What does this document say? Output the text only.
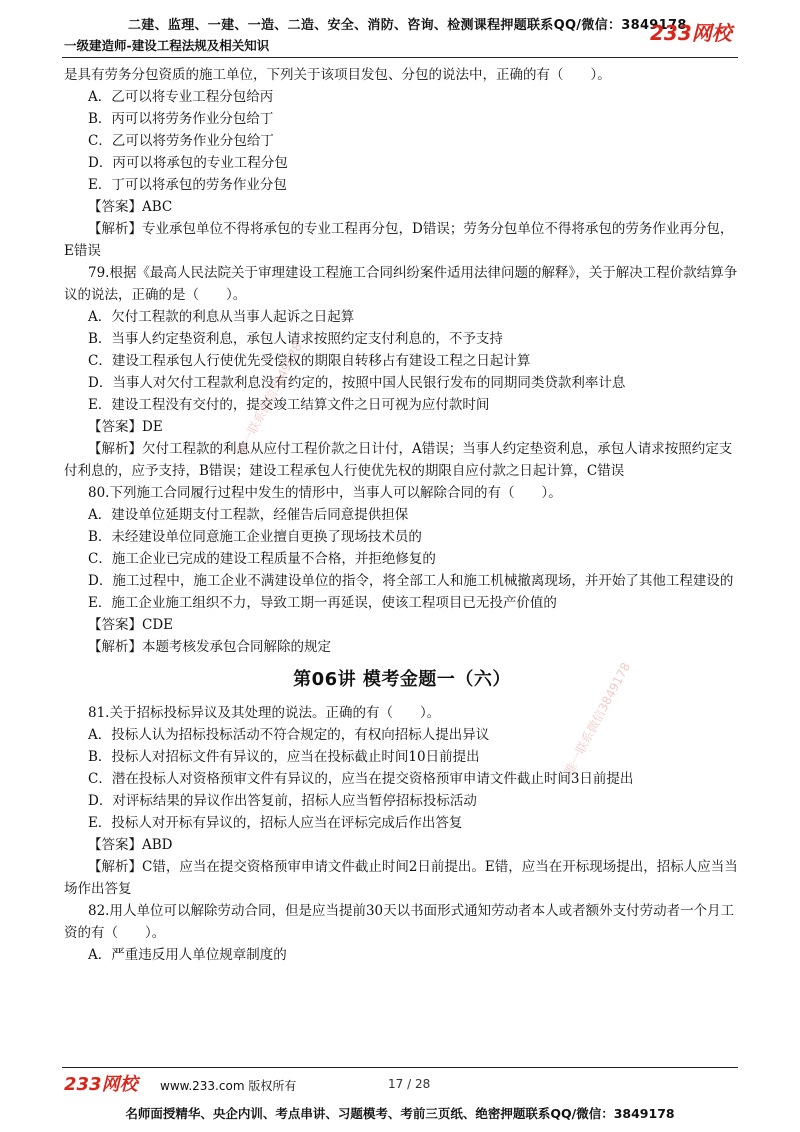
二建、监理、一建、一造、二造、安全、消防、咨询、检测课程押题联系QQ/微信：3849178
一级建造师-建设工程法规及相关知识
233网校
是具有劳务分包资质的施工单位，下列关于该项目发包、分包的说法中，正确的有（　　）。
A．乙可以将专业工程分包给丙
B．丙可以将劳务作业分包给丁
C．乙可以将劳务作业分包给丁
D．丙可以将承包的专业工程分包
E．丁可以将承包的劳务作业分包
【答案】ABC
【解析】专业承包单位不得将承包的专业工程再分包，D错误；劳务分包单位不得将承包的劳务作业再分包，E错误
79.根据《最高人民法院关于审理建设工程施工合同纠纷案件适用法律问题的解释》，关于解决工程价款结算争议的说法，正确的是（　　）。
A．欠付工程款的利息从当事人起诉之日起算
B．当事人约定垫资利息，承包人请求按照约定支付利息的，不予支持
C．建设工程承包人行使优先受偿权的期限自转移占有建设工程之日起计算
D．当事人对欠付工程款利息没有约定的，按照中国人民银行发布的同期同类贷款利率计息
E．建设工程没有交付的，提交竣工结算文件之日可视为应付款时间
【答案】DE
【解析】欠付工程款的利息从应付工程价款之日计付，A错误；当事人约定垫资利息，承包人请求按照约定支付利息的，应予支持，B错误；建设工程承包人行使优先权的期限自应付款之日起计算，C错误
80.下列施工合同履行过程中发生的情形中，当事人可以解除合同的有（　　）。
A．建设单位延期支付工程款，经催告后同意提供担保
B．未经建设单位同意施工企业擅自更换了现场技术员的
C．施工企业已完成的建设工程质量不合格，并拒绝修复的
D．施工过程中，施工企业不满建设单位的指令，将全部工人和施工机械撤离现场，并开始了其他工程建设的
E．施工企业施工组织不力，导致工期一再延误，使该工程项目已无投产价值的
【答案】CDE
【解析】本题考核发承包合同解除的规定
第06讲 模考金题一（六）
81.关于招标投标异议及其处理的说法。正确的有（　　）。
A．投标人认为招标投标活动不符合规定的，有权向招标人提出异议
B．投标人对招标文件有异议的，应当在投标截止时间10日前提出
C．潜在投标人对资格预审文件有异议的，应当在提交资格预审申请文件截止时间3日前提出
D．对评标结果的异议作出答复前，招标人应当暂停招标投标活动
E．投标人对开标有异议的，招标人应当在评标完成后作出答复
【答案】ABD
【解析】C错，应当在提交资格预审申请文件截止时间2日前提出。E错，应当在开标现场提出，招标人应当当场作出答复
82.用人单位可以解除劳动合同，但是应当提前30天以书面形式通知劳动者本人或者额外支付劳动者一个月工资的有（　　）。
A．严重违反用人单位规章制度的
唯一联系微信3849178
唯一联系微信3849178
233网校 www.233.com 版权所有	17 / 28
名师面授精华、央企内训、考点串讲、习题模考、考前三页纸、绝密押题联系QQ/微信：3849178
